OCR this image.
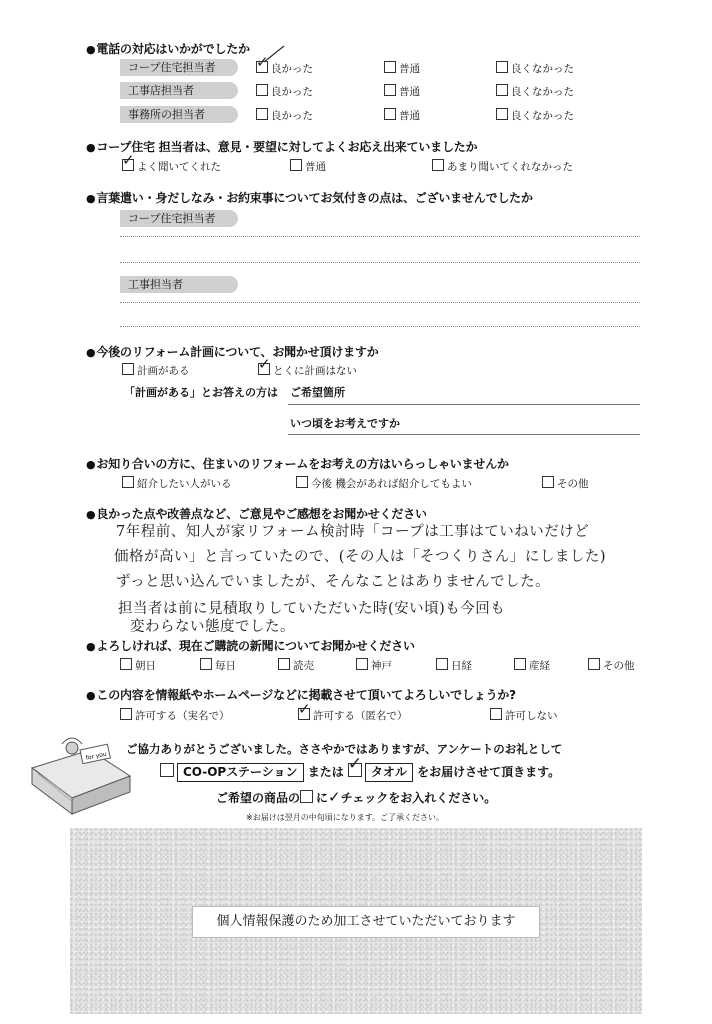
● 電話の対応はいかがでしたか
コープ住宅担当者	✓ 良かった	普通	良くなかった
工事店担当者	良かった	普通	良くなかった
事務所の担当者	良かった	普通	良くなかった
● コープ住宅 担当者は、意見・要望に対してよくお応え出来ていましたか
✓ よく聞いてくれた	普通	あまり聞いてくれなかった
● 言葉遣い・身だしなみ・お約束事についてお気付きの点は、ございませんでしたか
コープ住宅担当者
工事担当者
● 今後のリフォーム計画について、お聞かせ頂けますか
計画がある	✓ とくに計画はない
「計画がある」とお答えの方は ご希望箇所
いつ頃をお考えですか
● お知り合いの方に、住まいのリフォームをお考えの方はいらっしゃいませんか
紹介したい人がいる	今後 機会があれば紹介してもよい	その他
● 良かった点や改善点など、ご意見やご感想をお聞かせください
7年程前、知人が家リフォーム検討時「コープは工事はていねいだけど
価格が高い」と言っていたので、(その人は「そつくりさん」にしました)
ずっと思い込んでいましたが、そんなことはありませんでした。
担当者は前に見積取りしていただいた時(安い頃)も今回も
変わらない態度でした。
● よろしければ、現在ご購読の新聞についてお聞かせください
朝日	毎日	読売	神戸	日経	産経	その他
● この内容を情報紙やホームページなどに掲載させて頂いてよろしいでしょうか?
許可する（実名で）	✓ 許可する（匿名で）	許可しない
for you
ご協力ありがとうございました。ささやかではありますが、アンケートのお礼として
CO-OPステーション または ✓ タオル をお届けさせて頂きます。
ご希望の商品の に✓チェックをお入れください。
※お届けは翌月の中旬頃になります。ご了承ください。
個人情報保護のため加工させていただいております
